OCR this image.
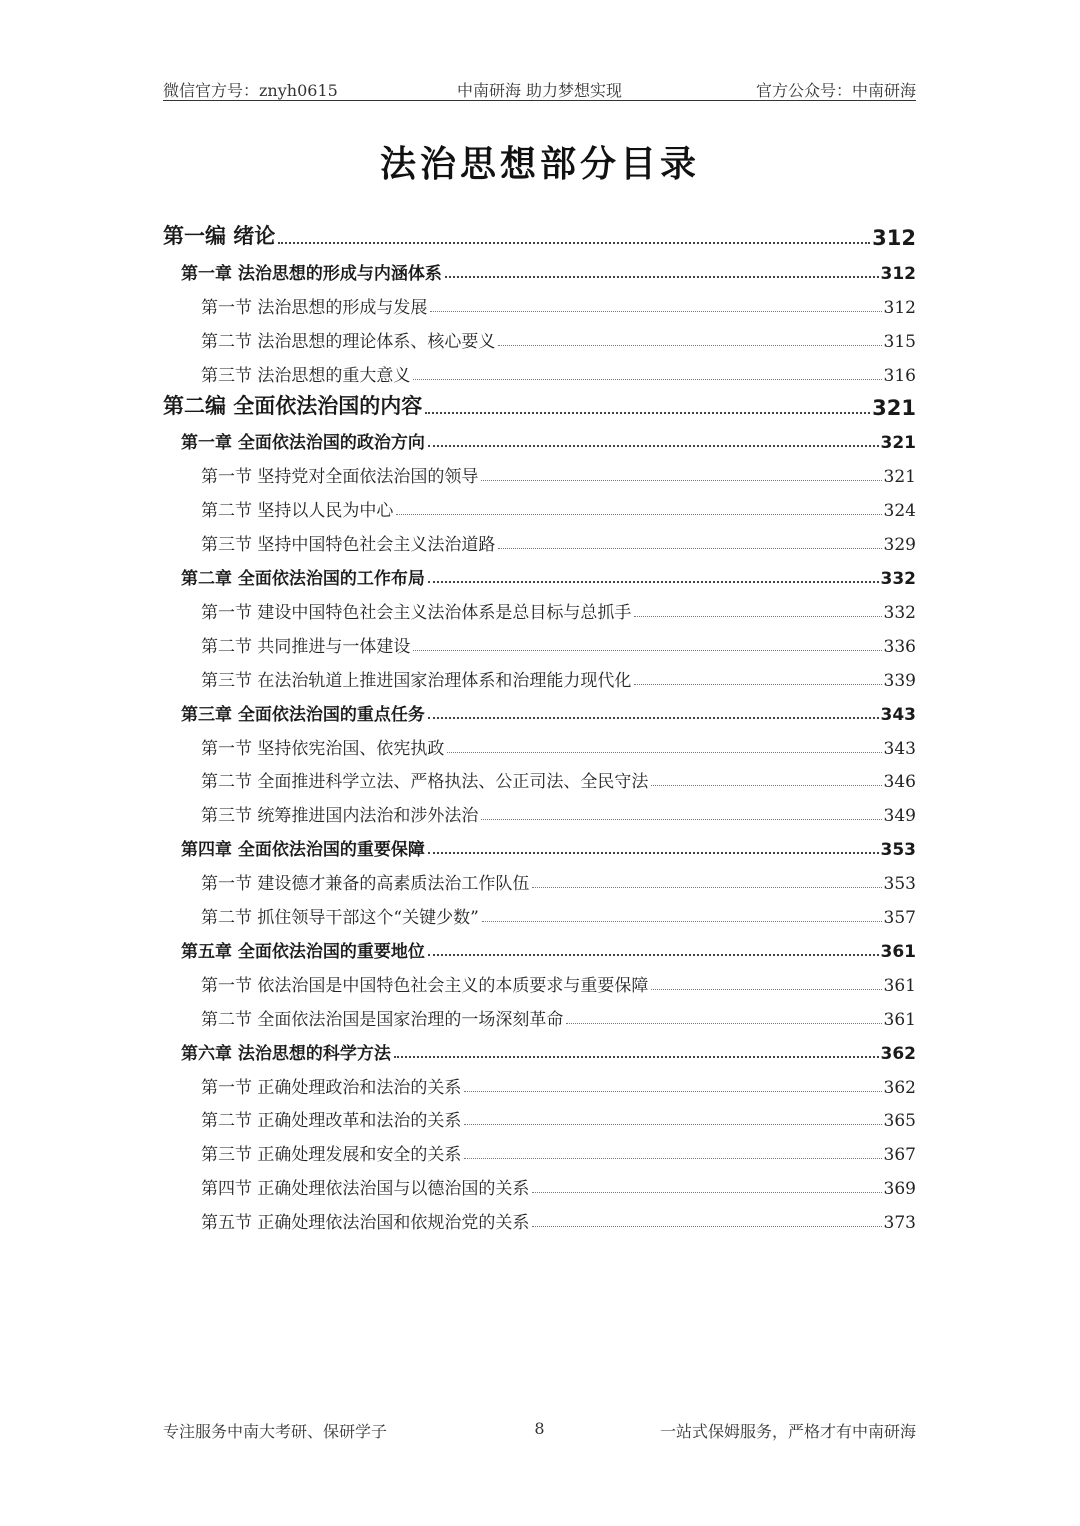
微信官方号：znyh0615	中南研海 助力梦想实现	官方公众号：中南研海
法治思想部分目录
第一编 绪论	312
第一章 法治思想的形成与内涵体系	312
第一节 法治思想的形成与发展	312
第二节 法治思想的理论体系、核心要义	315
第三节 法治思想的重大意义	316
第二编 全面依法治国的内容	321
第一章 全面依法治国的政治方向	321
第一节 坚持党对全面依法治国的领导	321
第二节 坚持以人民为中心	324
第三节 坚持中国特色社会主义法治道路	329
第二章 全面依法治国的工作布局	332
第一节 建设中国特色社会主义法治体系是总目标与总抓手	332
第二节 共同推进与一体建设	336
第三节 在法治轨道上推进国家治理体系和治理能力现代化	339
第三章 全面依法治国的重点任务	343
第一节 坚持依宪治国、依宪执政	343
第二节 全面推进科学立法、严格执法、公正司法、全民守法	346
第三节 统筹推进国内法治和涉外法治	349
第四章 全面依法治国的重要保障	353
第一节 建设德才兼备的高素质法治工作队伍	353
第二节 抓住领导干部这个“关键少数”	357
第五章 全面依法治国的重要地位	361
第一节 依法治国是中国特色社会主义的本质要求与重要保障	361
第二节 全面依法治国是国家治理的一场深刻革命	361
第六章 法治思想的科学方法	362
第一节 正确处理政治和法治的关系	362
第二节 正确处理改革和法治的关系	365
第三节 正确处理发展和安全的关系	367
第四节 正确处理依法治国与以德治国的关系	369
第五节 正确处理依法治国和依规治党的关系	373
专注服务中南大考研、保研学子	8	一站式保姆服务，严格才有中南研海
